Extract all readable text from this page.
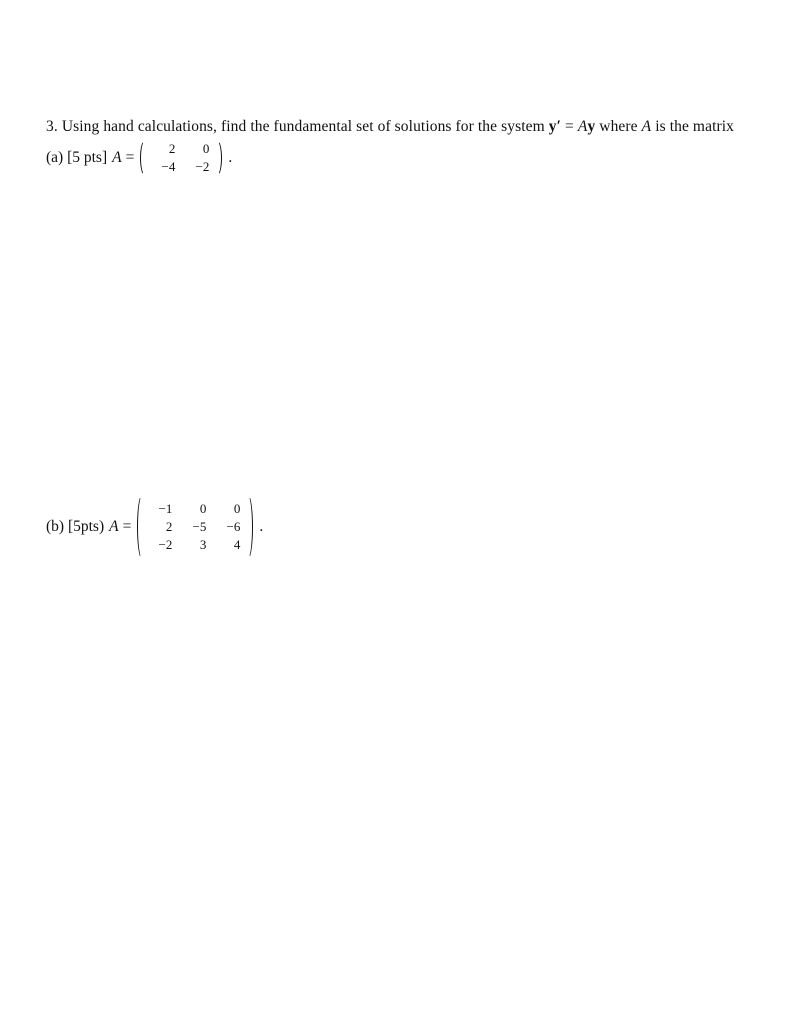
3. Using hand calculations, find the fundamental set of solutions for the system y′ = Ay where A is the matrix
(a) [5 pts] A =
2	0
−4	−2
.
(b) [5pts) A =
−1	0	0
2	−5	−6
−2	3	4
.
